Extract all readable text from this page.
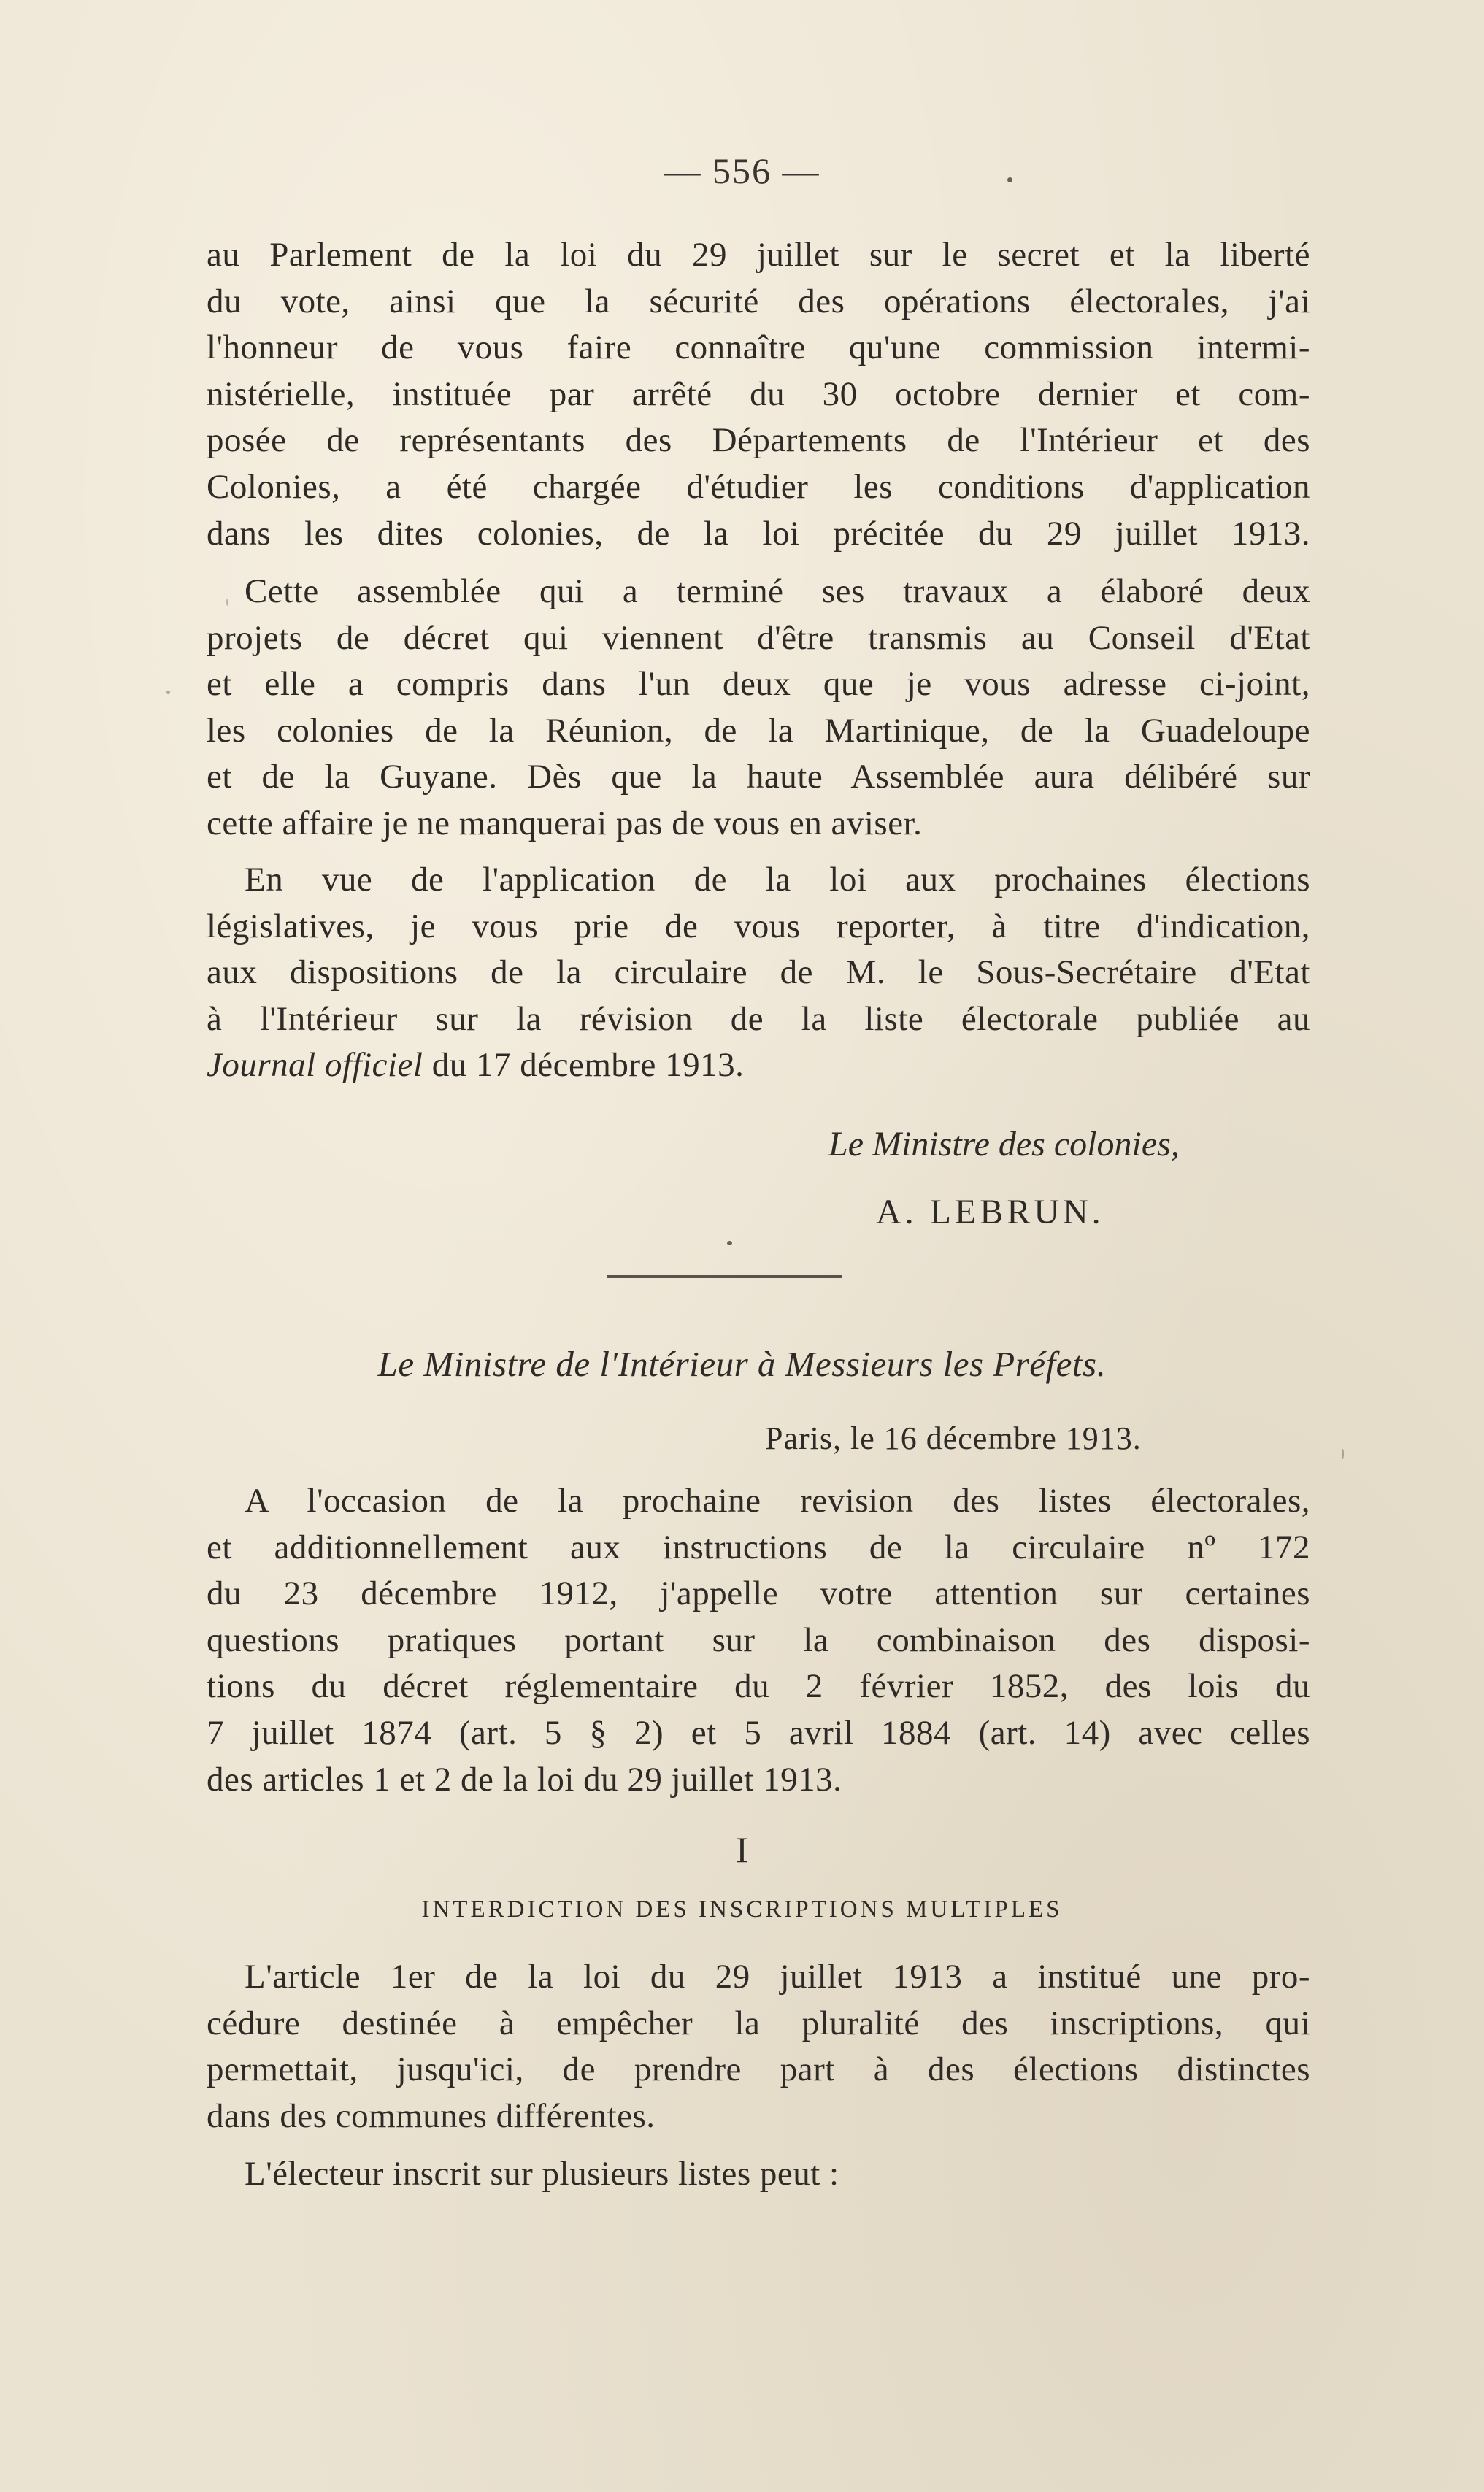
— 556 —
au Parlement de la loi du 29 juillet sur le secret et la liberté
du vote, ainsi que la sécurité des opérations électorales, j'ai
l'honneur de vous faire connaître qu'une commission intermi-
nistérielle, instituée par arrêté du 30 octobre dernier et com-
posée de représentants des Départements de l'Intérieur et des
Colonies, a été chargée d'étudier les conditions d'application
dans les dites colonies, de la loi précitée du 29 juillet 1913.
Cette assemblée qui a terminé ses travaux a élaboré deux
projets de décret qui viennent d'être transmis au Conseil d'Etat
et elle a compris dans l'un deux que je vous adresse ci-joint,
les colonies de la Réunion, de la Martinique, de la Guadeloupe
et de la Guyane. Dès que la haute Assemblée aura délibéré sur
cette affaire je ne manquerai pas de vous en aviser.
En vue de l'application de la loi aux prochaines élections
législatives, je vous prie de vous reporter, à titre d'indication,
aux dispositions de la circulaire de M. le Sous-Secrétaire d'Etat
à l'Intérieur sur la révision de la liste électorale publiée au
Journal officiel du 17 décembre 1913.
Le Ministre des colonies,
A. LEBRUN.
Le Ministre de l'Intérieur à Messieurs les Préfets.
Paris, le 16 décembre 1913.
A l'occasion de la prochaine revision des listes électorales,
et additionnellement aux instructions de la circulaire nº 172
du 23 décembre 1912, j'appelle votre attention sur certaines
questions pratiques portant sur la combinaison des disposi-
tions du décret réglementaire du 2 février 1852, des lois du
7 juillet 1874 (art. 5 § 2) et 5 avril 1884 (art. 14) avec celles
des articles 1 et 2 de la loi du 29 juillet 1913.
I
INTERDICTION DES INSCRIPTIONS MULTIPLES
L'article 1er de la loi du 29 juillet 1913 a institué une pro-
cédure destinée à empêcher la pluralité des inscriptions, qui
permettait, jusqu'ici, de prendre part à des élections distinctes
dans des communes différentes.
L'électeur inscrit sur plusieurs listes peut :
